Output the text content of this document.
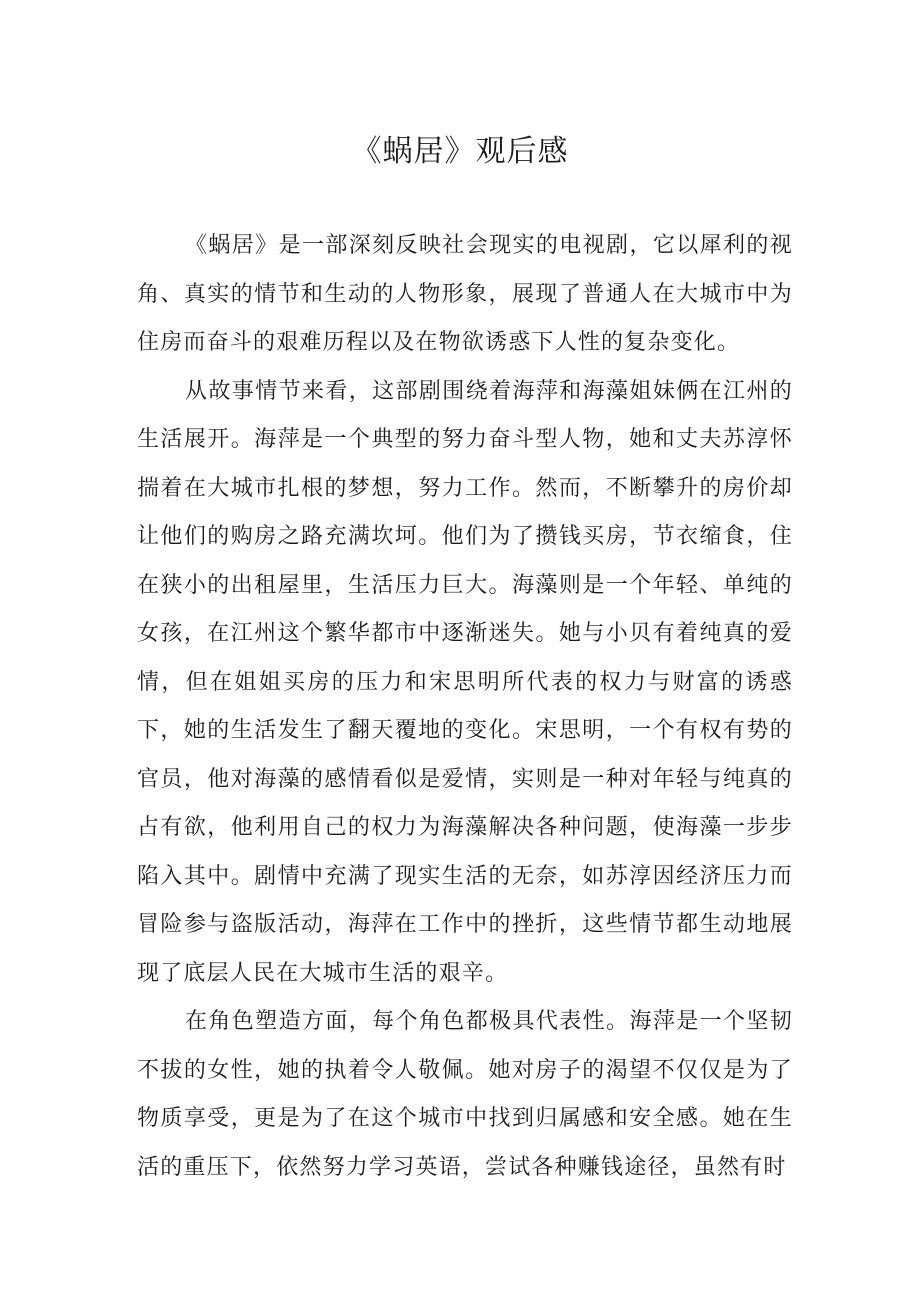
《蜗居》观后感

《蜗居》是一部深刻反映社会现实的电视剧，它以犀利的视角、真实的情节和生动的人物形象，展现了普通人在大城市中为住房而奋斗的艰难历程以及在物欲诱惑下人性的复杂变化。

从故事情节来看，这部剧围绕着海萍和海藻姐妹俩在江州的生活展开。海萍是一个典型的努力奋斗型人物，她和丈夫苏淳怀揣着在大城市扎根的梦想，努力工作。然而，不断攀升的房价却让他们的购房之路充满坎坷。他们为了攒钱买房，节衣缩食，住在狭小的出租屋里，生活压力巨大。海藻则是一个年轻、单纯的女孩，在江州这个繁华都市中逐渐迷失。她与小贝有着纯真的爱情，但在姐姐买房的压力和宋思明所代表的权力与财富的诱惑下，她的生活发生了翻天覆地的变化。宋思明，一个有权有势的官员，他对海藻的感情看似是爱情，实则是一种对年轻与纯真的占有欲，他利用自己的权力为海藻解决各种问题，使海藻一步步陷入其中。剧情中充满了现实生活的无奈，如苏淳因经济压力而冒险参与盗版活动，海萍在工作中的挫折，这些情节都生动地展现了底层人民在大城市生活的艰辛。

在角色塑造方面，每个角色都极具代表性。海萍是一个坚韧不拔的女性，她的执着令人敬佩。她对房子的渴望不仅仅是为了物质享受，更是为了在这个城市中找到归属感和安全感。她在生活的重压下，依然努力学习英语，尝试各种赚钱途径，虽然有时
